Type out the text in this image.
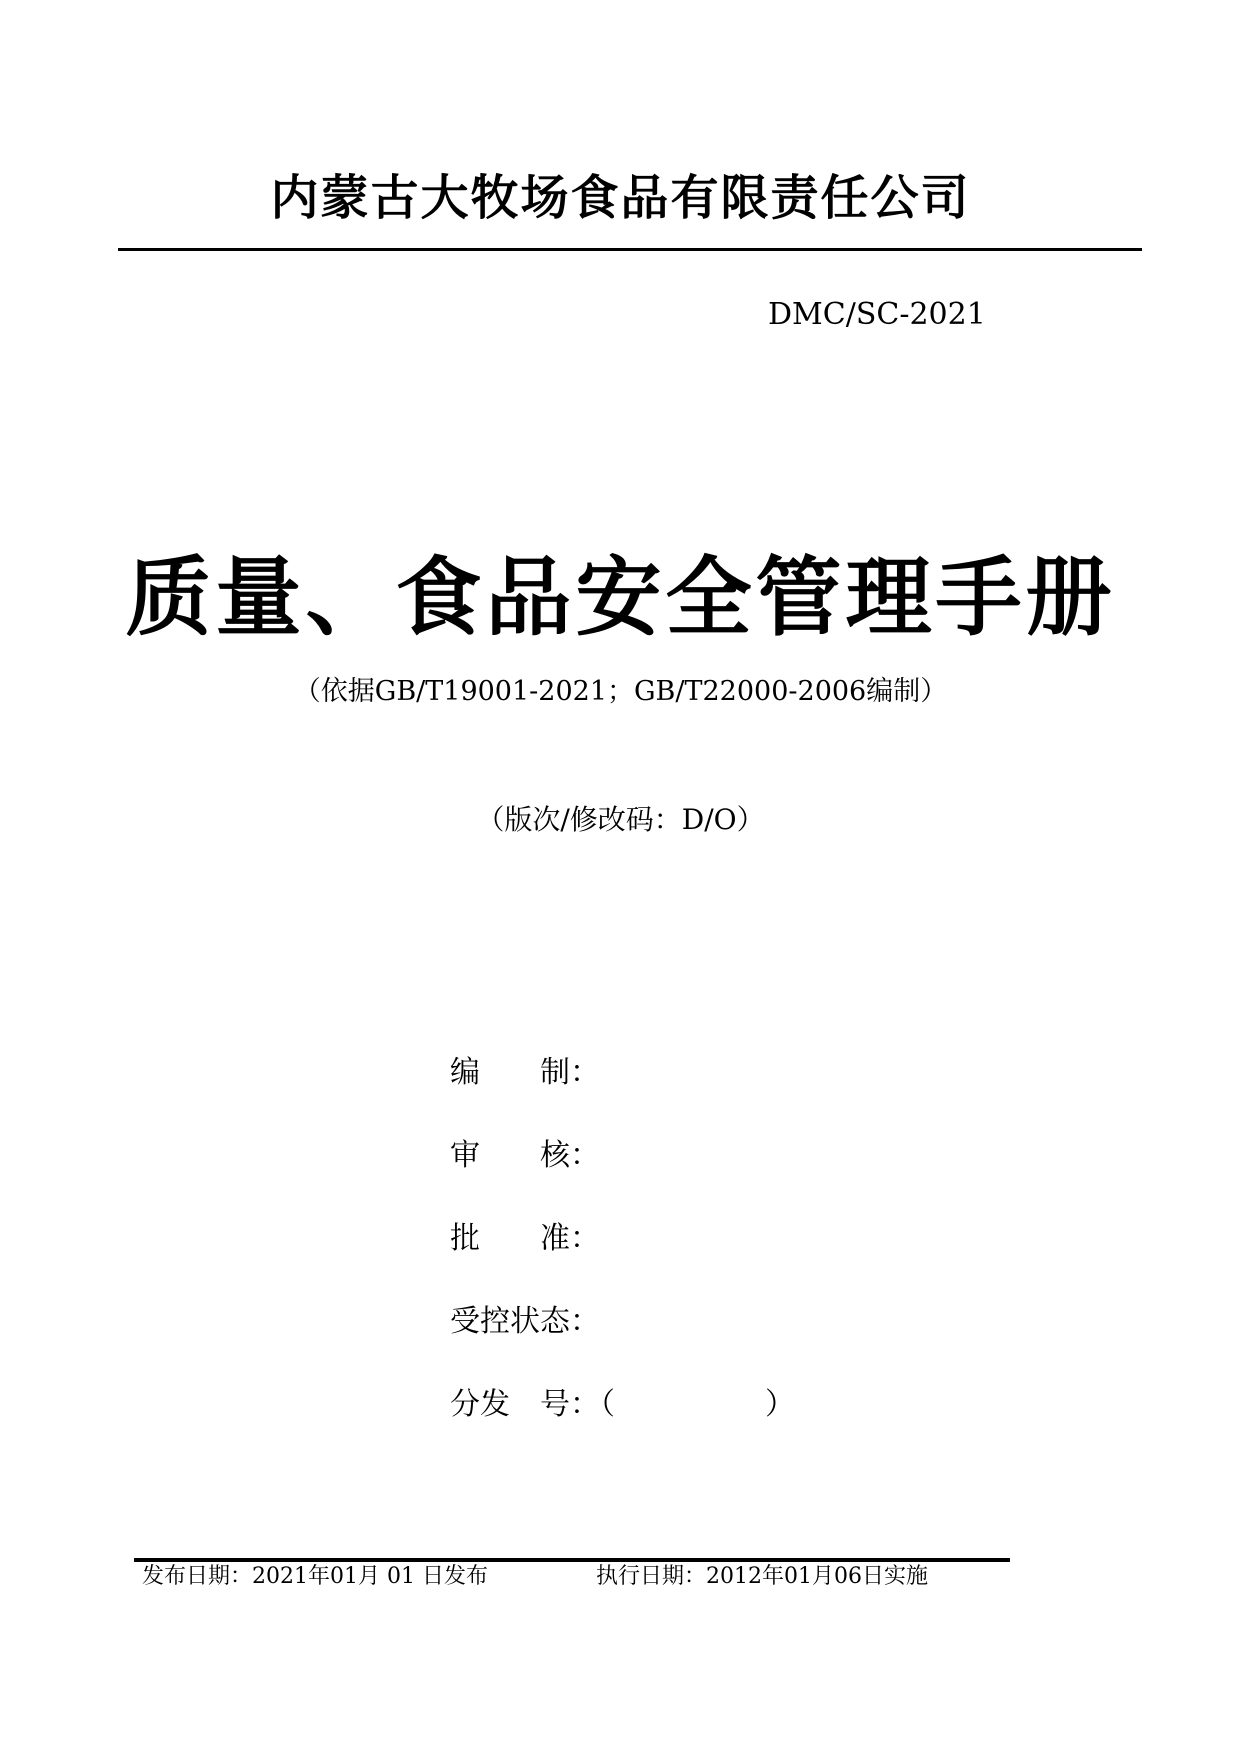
内蒙古大牧场食品有限责任公司
DMC/SC-2021
质量、食品安全管理手册
（依据GB/T19001-2021；GB/T22000-2006编制）
（版次/修改码：D/O）
编　　制：
审　　核：
批　　准：
受控状态：
分发　号：（　　　　　）
发布日期：2021年01月 01 日发布	执行日期：2012年01月06日实施
